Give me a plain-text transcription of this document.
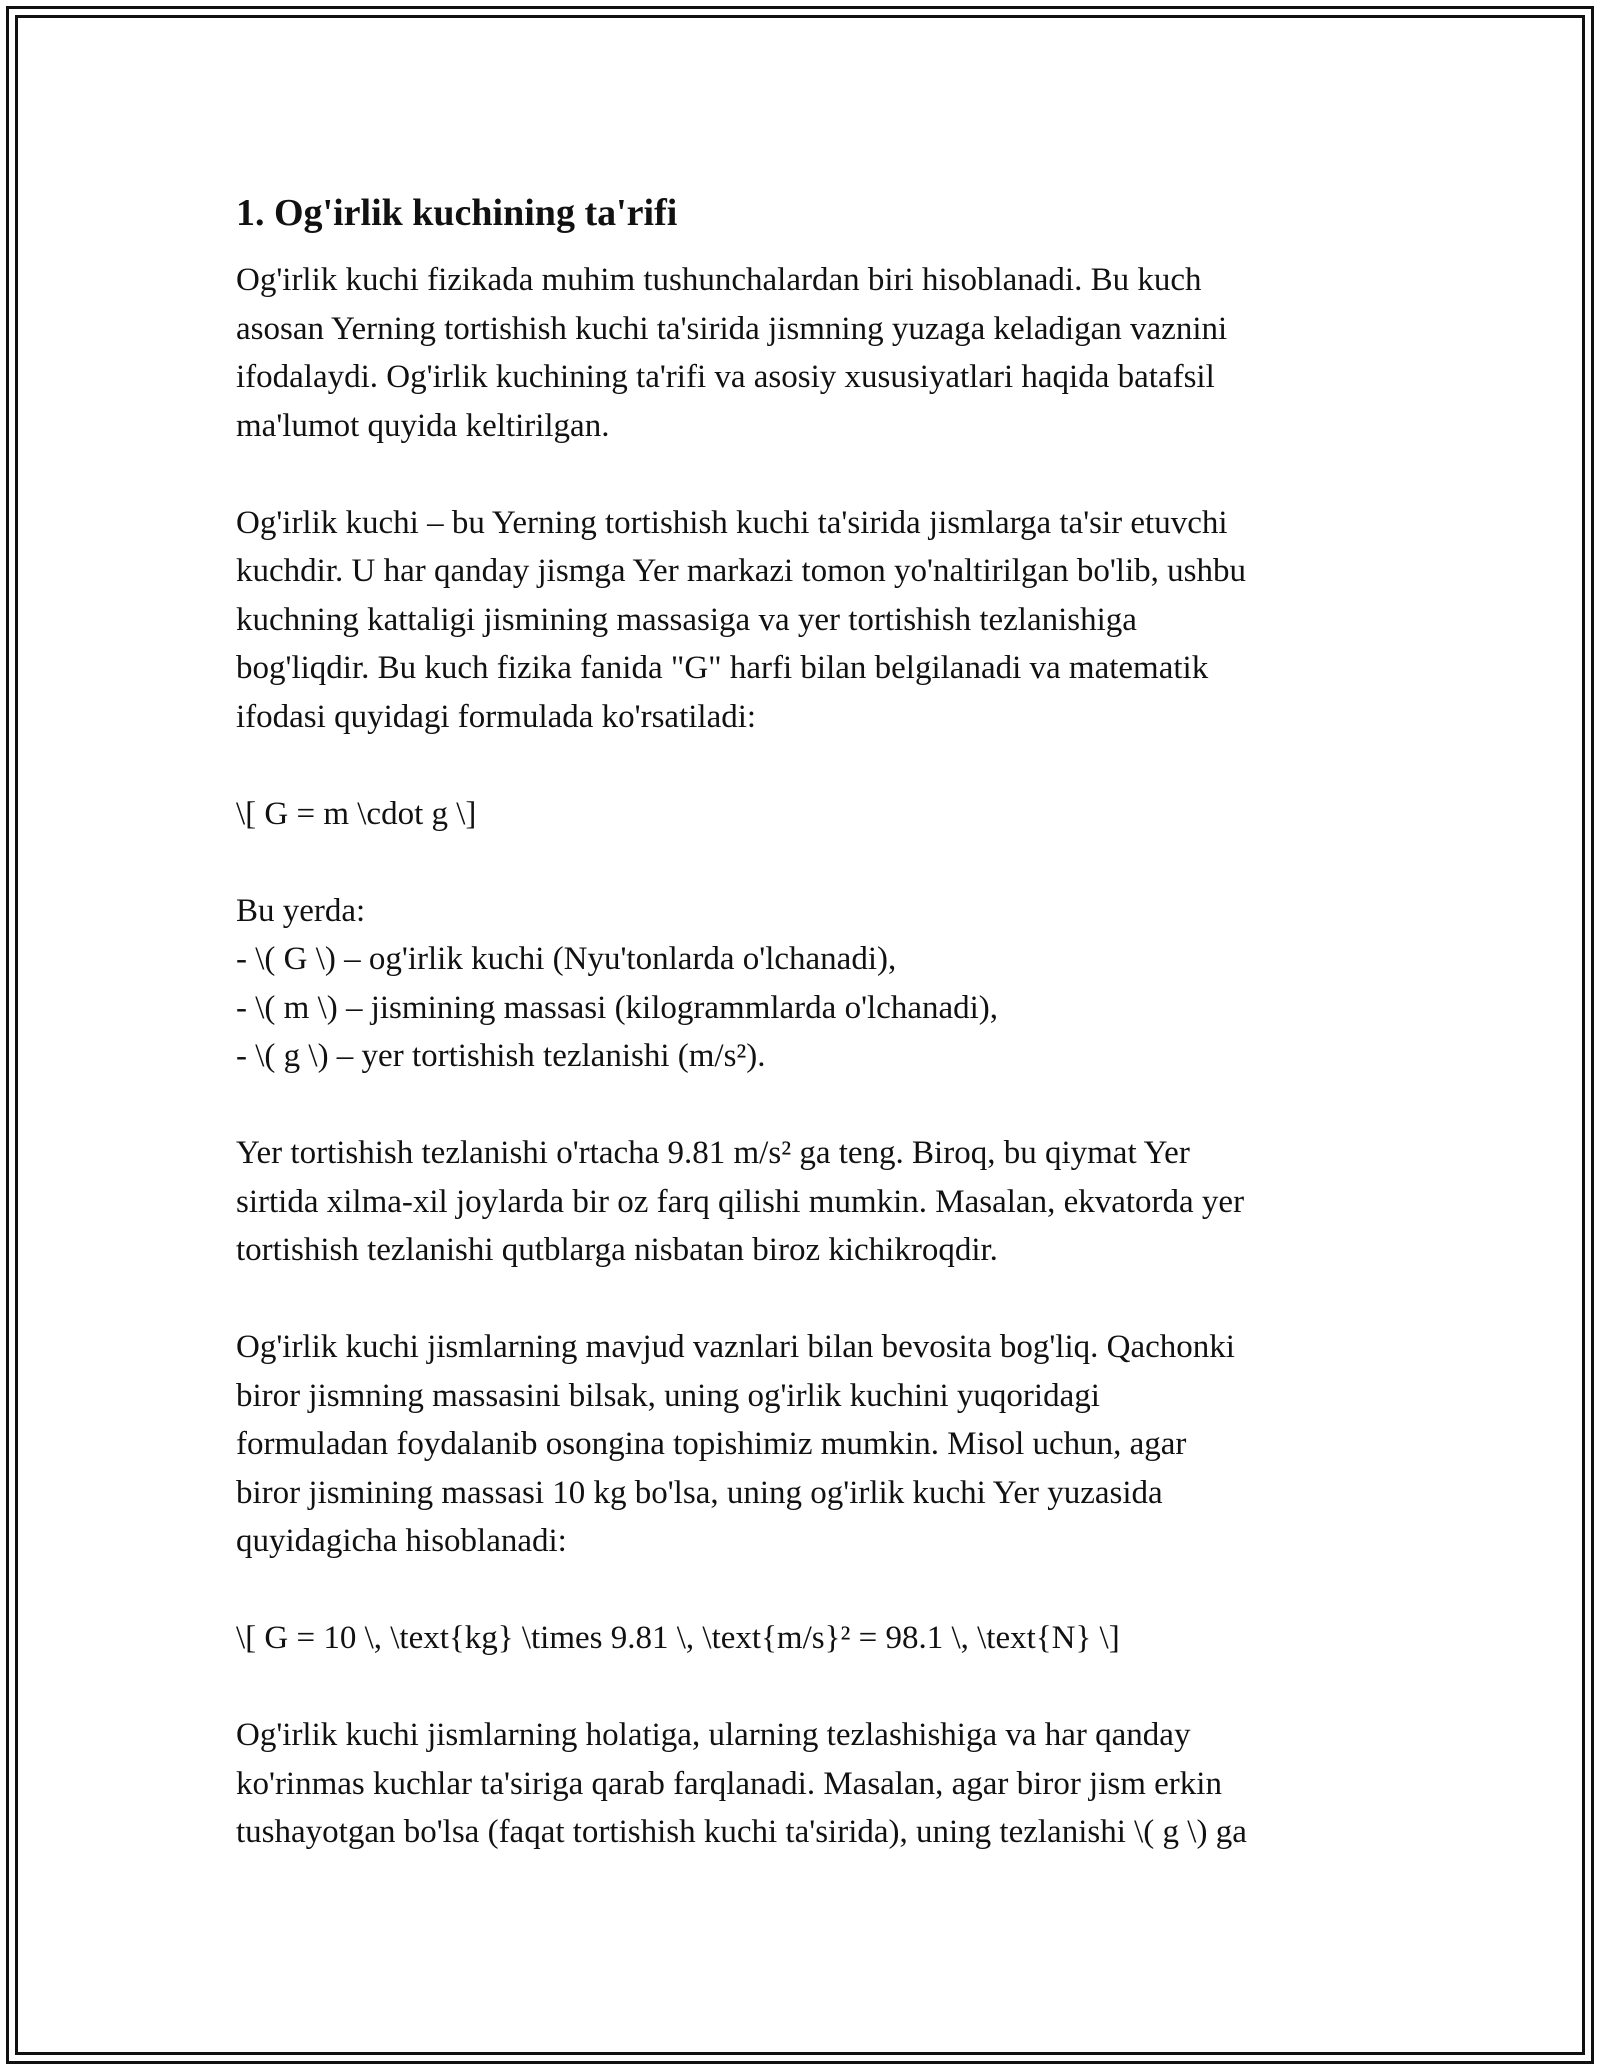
1. Og'irlik kuchining ta'rifi

Og'irlik kuchi fizikada muhim tushunchalardan biri hisoblanadi. Bu kuch
asosan Yerning tortishish kuchi ta'sirida jismning yuzaga keladigan vaznini
ifodalaydi. Og'irlik kuchining ta'rifi va asosiy xususiyatlari haqida batafsil
ma'lumot quyida keltirilgan.

Og'irlik kuchi – bu Yerning tortishish kuchi ta'sirida jismlarga ta'sir etuvchi
kuchdir. U har qanday jismga Yer markazi tomon yo'naltirilgan bo'lib, ushbu
kuchning kattaligi jismining massasiga va yer tortishish tezlanishiga
bog'liqdir. Bu kuch fizika fanida "G" harfi bilan belgilanadi va matematik
ifodasi quyidagi formulada ko'rsatiladi:

\[ G = m \cdot g \]

Bu yerda:
- \( G \) – og'irlik kuchi (Nyu'tonlarda o'lchanadi),
- \( m \) – jismining massasi (kilogrammlarda o'lchanadi),
- \( g \) – yer tortishish tezlanishi (m/s²).

Yer tortishish tezlanishi o'rtacha 9.81 m/s² ga teng. Biroq, bu qiymat Yer
sirtida xilma-xil joylarda bir oz farq qilishi mumkin. Masalan, ekvatorda yer
tortishish tezlanishi qutblarga nisbatan biroz kichikroqdir.

Og'irlik kuchi jismlarning mavjud vaznlari bilan bevosita bog'liq. Qachonki
biror jismning massasini bilsak, uning og'irlik kuchini yuqoridagi
formuladan foydalanib osongina topishimiz mumkin. Misol uchun, agar
biror jismining massasi 10 kg bo'lsa, uning og'irlik kuchi Yer yuzasida
quyidagicha hisoblanadi:

\[ G = 10 \, \text{kg} \times 9.81 \, \text{m/s}² = 98.1 \, \text{N} \]

Og'irlik kuchi jismlarning holatiga, ularning tezlashishiga va har qanday
ko'rinmas kuchlar ta'siriga qarab farqlanadi. Masalan, agar biror jism erkin
tushayotgan bo'lsa (faqat tortishish kuchi ta'sirida), uning tezlanishi \( g \) ga
